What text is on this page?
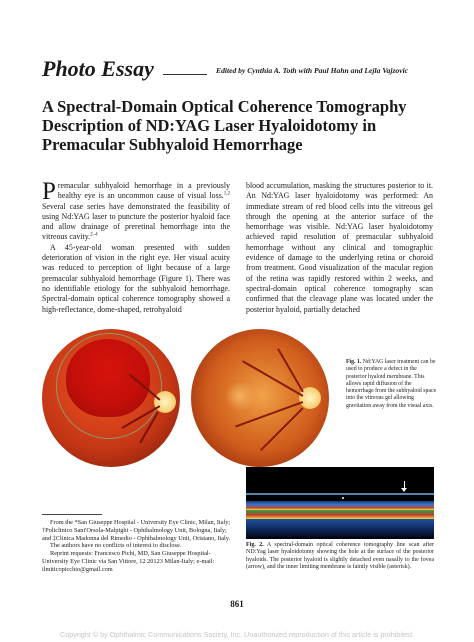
Photo Essay	Edited by Cynthia A. Toth with Paul Hahn and Lejla Vajzovic
A Spectral-Domain Optical Coherence Tomography Description of ND:YAG Laser Hyaloidotomy in Premacular Subhyaloid Hemorrhage

Premacular subhyaloid hemorrhage in a previously healthy eye is an uncommon cause of visual loss.$^{1,2}$ Several case series have demonstrated the feasibility of using Nd:YAG laser to puncture the posterior hyaloid face and allow drainage of preretinal hemorrhage into the vitreous cavity.$^{2-4}$

A 45-year-old woman presented with sudden deterioration of vision in the right eye. Her visual acuity was reduced to perception of light because of a large premacular subhyaloid hemorrhage (Figure 1). There was no identifiable etiology for the subhyaloid hemorrhage. Spectral-domain optical coherence tomography showed a high-reflectance, dome-shaped, retrohyaloid

blood accumulation, masking the structures posterior to it. An Nd:YAG laser hyaloidotomy was performed: An immediate stream of red blood cells into the vitreous gel through the opening at the anterior surface of the hemorrhage was visible. Nd:YAG laser hyaloidotomy achieved rapid resolution of premacular subhyaloid hemorrhage without any clinical and tomographic evidence of damage to the underlying retina or choroid from treatment. Good visualization of the macular region of the retina was rapidly restored within 2 weeks, and spectral-domain optical coherence tomography scan confirmed that the cleavage plane was located under the posterior hyaloid, partially detached

Fig. 1. Nd:YAG laser treatment can be used to produce a defect in the posterior hyaloid membrane. This allows rapid diffusion of the hemorrhage from the subhyaloid space into the vitreous gel allowing gravitation away from the visual axis.
Fig. 2. A spectral-domain optical coherence tomography line scan after ND:Yag laser hyaloidotomy showing the hole at the surface of the posterior hyaloids. The posterior hyaloid is slightly detached even nasally to the fovea (arrow), and the inner limiting membrane is faintly visible (asterisk).

From the *San Giuseppe Hospital - University Eye Clinic, Milan, Italy; †Policlinico Sant'Orsola-Malpighi - Ophthalmology Unit, Bologna, Italy; and ‡Clinica Madonna del Rimedio - Ophthalmology Unit, Oristano, Italy.

The authors have no conflicts of interest to disclose.

Reprint requests: Francesco Pichi, MD, San Giuseppe Hospital-University Eye Clinic via San Vittore, 12 20123 Milan-Italy; e-mail: ilmiticopicchio@gmail.com

861
Copyright © by Ophthalmic Communications Society, Inc. Unauthorized reproduction of this article is prohibited.
